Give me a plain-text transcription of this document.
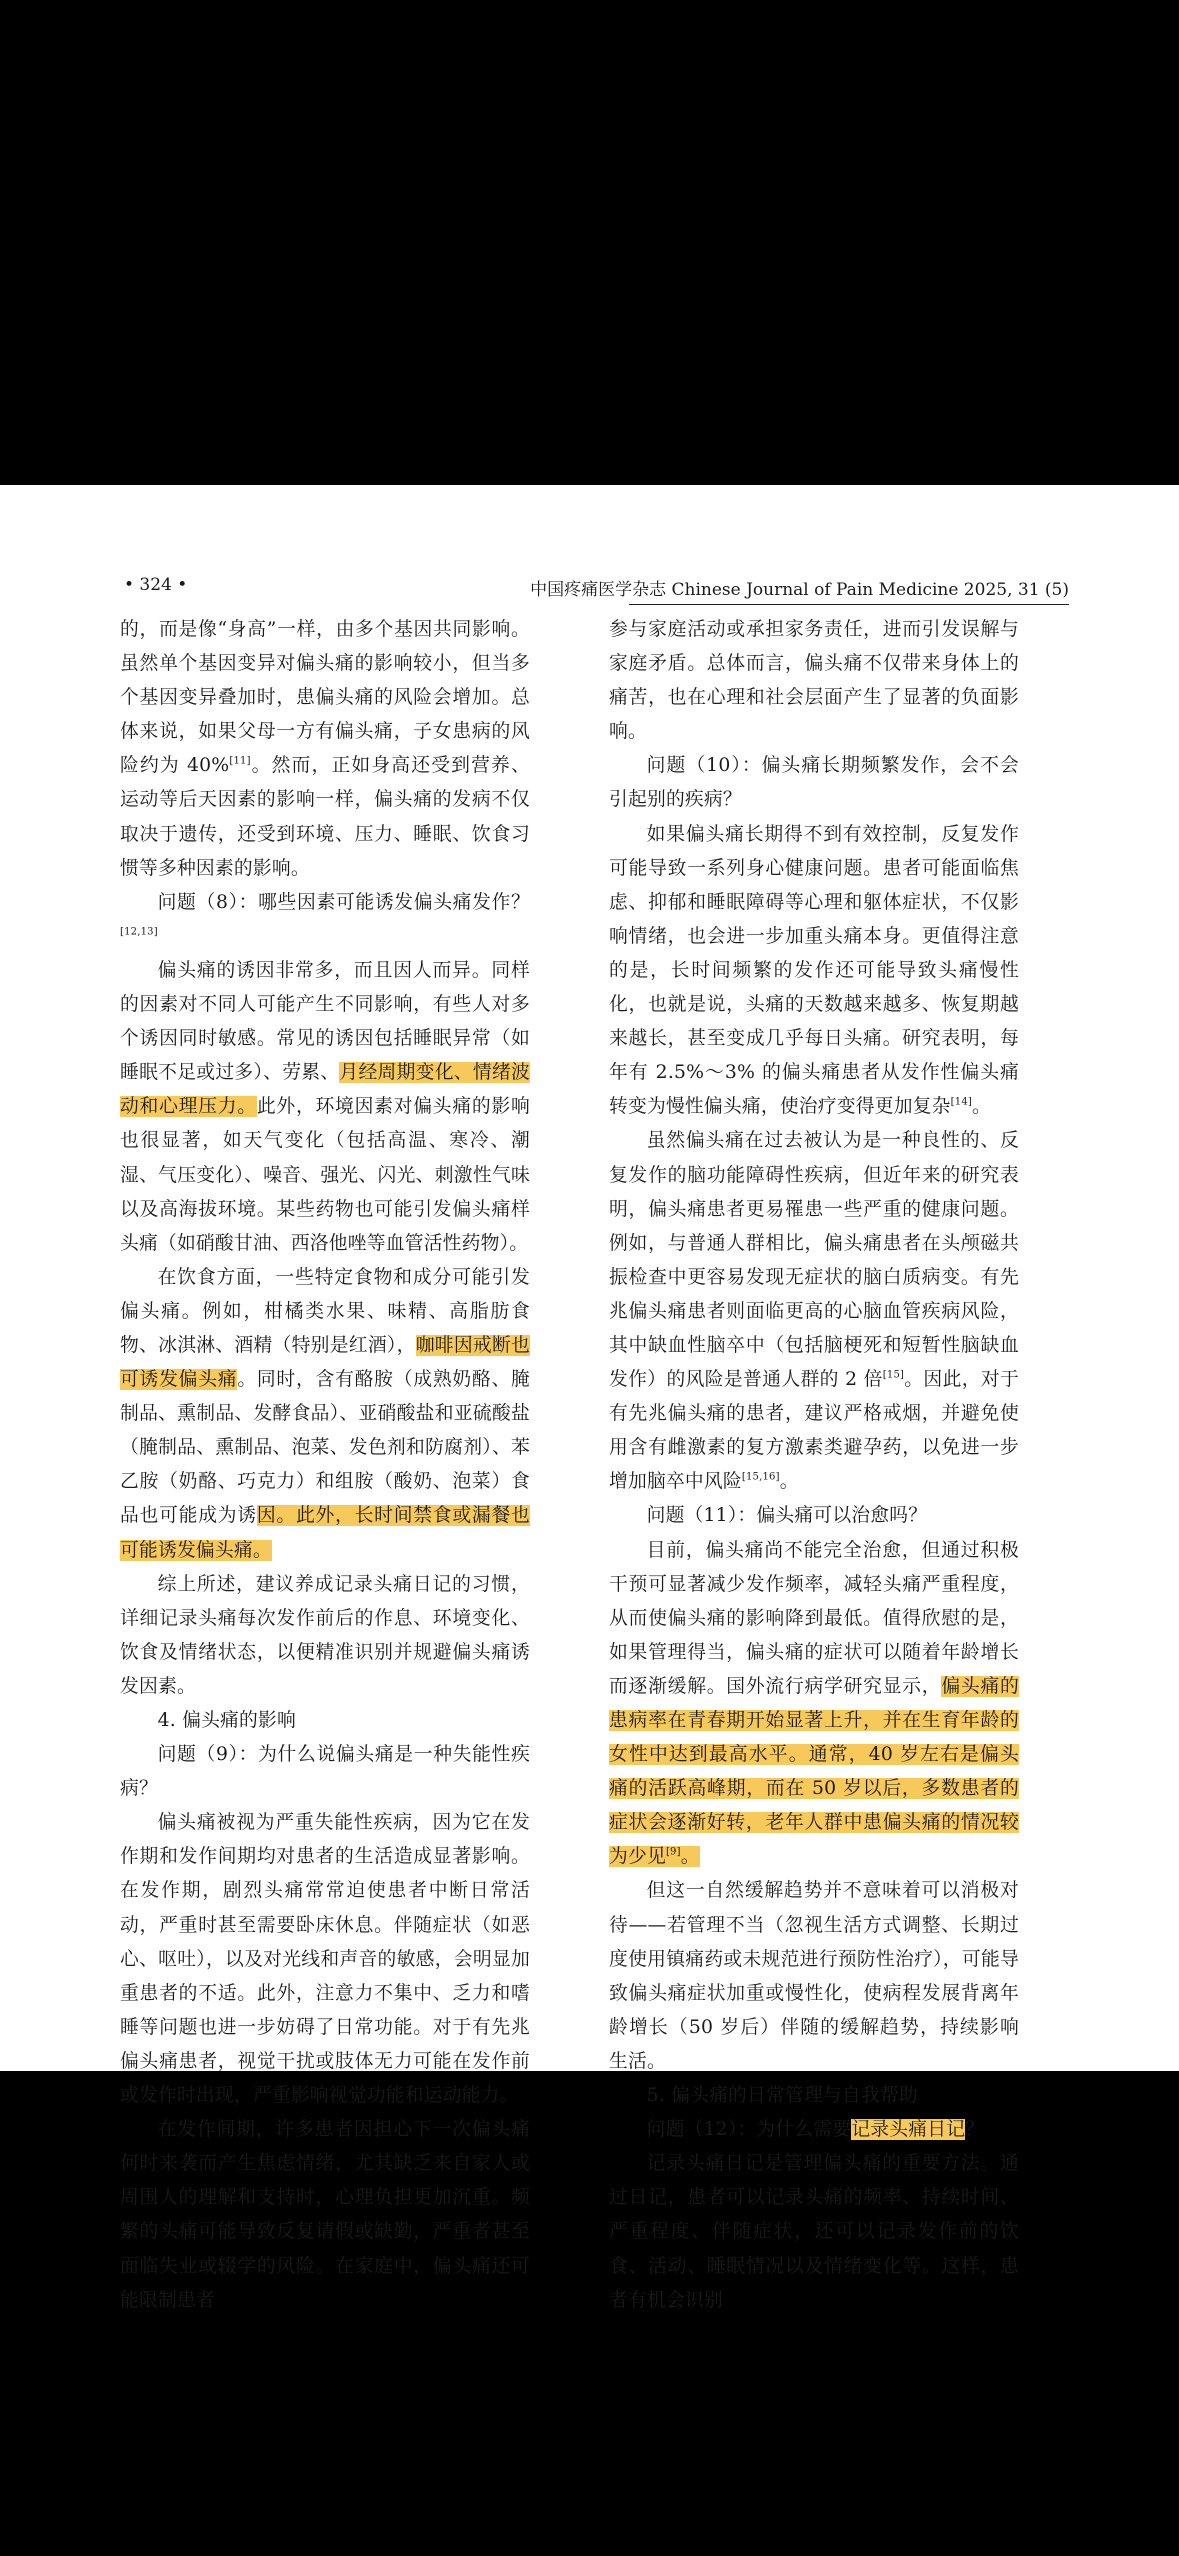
• 324 •	中国疼痛医学杂志 Chinese Journal of Pain Medicine 2025, 31 (5)

的，而是像“身高”一样，由多个基因共同影响。虽然单个基因变异对偏头痛的影响较小，但当多个基因变异叠加时，患偏头痛的风险会增加。总体来说，如果父母一方有偏头痛，子女患病的风险约为 40%[11]。然而，正如身高还受到营养、运动等后天因素的影响一样，偏头痛的发病不仅取决于遗传，还受到环境、压力、睡眠、饮食习惯等多种因素的影响。

问题（8）：哪些因素可能诱发偏头痛发作？[12,13]

偏头痛的诱因非常多，而且因人而异。同样的因素对不同人可能产生不同影响，有些人对多个诱因同时敏感。常见的诱因包括睡眠异常（如睡眠不足或过多）、劳累、月经周期变化、情绪波动和心理压力。此外，环境因素对偏头痛的影响也很显著，如天气变化（包括高温、寒冷、潮湿、气压变化）、噪音、强光、闪光、刺激性气味以及高海拔环境。某些药物也可能引发偏头痛样头痛（如硝酸甘油、西洛他唑等血管活性药物）。

在饮食方面，一些特定食物和成分可能引发偏头痛。例如，柑橘类水果、味精、高脂肪食物、冰淇淋、酒精（特别是红酒），咖啡因戒断也可诱发偏头痛。同时，含有酪胺（成熟奶酪、腌制品、熏制品、发酵食品）、亚硝酸盐和亚硫酸盐（腌制品、熏制品、泡菜、发色剂和防腐剂）、苯乙胺（奶酪、巧克力）和组胺（酸奶、泡菜）食品也可能成为诱因。此外，长时间禁食或漏餐也可能诱发偏头痛。

综上所述，建议养成记录头痛日记的习惯，详细记录头痛每次发作前后的作息、环境变化、饮食及情绪状态，以便精准识别并规避偏头痛诱发因素。

4. 偏头痛的影响

问题（9）：为什么说偏头痛是一种失能性疾病？

偏头痛被视为严重失能性疾病，因为它在发作期和发作间期均对患者的生活造成显著影响。在发作期，剧烈头痛常常迫使患者中断日常活动，严重时甚至需要卧床休息。伴随症状（如恶心、呕吐），以及对光线和声音的敏感，会明显加重患者的不适。此外，注意力不集中、乏力和嗜睡等问题也进一步妨碍了日常功能。对于有先兆偏头痛患者，视觉干扰或肢体无力可能在发作前或发作时出现，严重影响视觉功能和运动能力。

在发作间期，许多患者因担心下一次偏头痛何时来袭而产生焦虑情绪，尤其缺乏来自家人或周围人的理解和支持时，心理负担更加沉重。频繁的头痛可能导致反复请假或缺勤，严重者甚至面临失业或辍学的风险。在家庭中，偏头痛还可能限制患者

参与家庭活动或承担家务责任，进而引发误解与家庭矛盾。总体而言，偏头痛不仅带来身体上的痛苦，也在心理和社会层面产生了显著的负面影响。

问题（10）：偏头痛长期频繁发作，会不会引起别的疾病？

如果偏头痛长期得不到有效控制，反复发作可能导致一系列身心健康问题。患者可能面临焦虑、抑郁和睡眠障碍等心理和躯体症状，不仅影响情绪，也会进一步加重头痛本身。更值得注意的是，长时间频繁的发作还可能导致头痛慢性化，也就是说，头痛的天数越来越多、恢复期越来越长，甚至变成几乎每日头痛。研究表明，每年有 2.5%～3% 的偏头痛患者从发作性偏头痛转变为慢性偏头痛，使治疗变得更加复杂[14]。

虽然偏头痛在过去被认为是一种良性的、反复发作的脑功能障碍性疾病，但近年来的研究表明，偏头痛患者更易罹患一些严重的健康问题。例如，与普通人群相比，偏头痛患者在头颅磁共振检查中更容易发现无症状的脑白质病变。有先兆偏头痛患者则面临更高的心脑血管疾病风险，其中缺血性脑卒中（包括脑梗死和短暂性脑缺血发作）的风险是普通人群的 2 倍[15]。因此，对于有先兆偏头痛的患者，建议严格戒烟，并避免使用含有雌激素的复方激素类避孕药，以免进一步增加脑卒中风险[15,16]。

问题（11）：偏头痛可以治愈吗？

目前，偏头痛尚不能完全治愈，但通过积极干预可显著减少发作频率，减轻头痛严重程度，从而使偏头痛的影响降到最低。值得欣慰的是，如果管理得当，偏头痛的症状可以随着年龄增长而逐渐缓解。国外流行病学研究显示，偏头痛的患病率在青春期开始显著上升，并在生育年龄的女性中达到最高水平。通常，40 岁左右是偏头痛的活跃高峰期，而在 50 岁以后，多数患者的症状会逐渐好转，老年人群中患偏头痛的情况较为少见[9]。

但这一自然缓解趋势并不意味着可以消极对待——若管理不当（忽视生活方式调整、长期过度使用镇痛药或未规范进行预防性治疗），可能导致偏头痛症状加重或慢性化，使病程发展背离年龄增长（50 岁后）伴随的缓解趋势，持续影响生活。

5. 偏头痛的日常管理与自我帮助

问题（12）：为什么需要记录头痛日记？

记录头痛日记是管理偏头痛的重要方法。通过日记，患者可以记录头痛的频率、持续时间、严重程度、伴随症状，还可以记录发作前的饮食、活动、睡眠情况以及情绪变化等。这样，患者有机会识别
